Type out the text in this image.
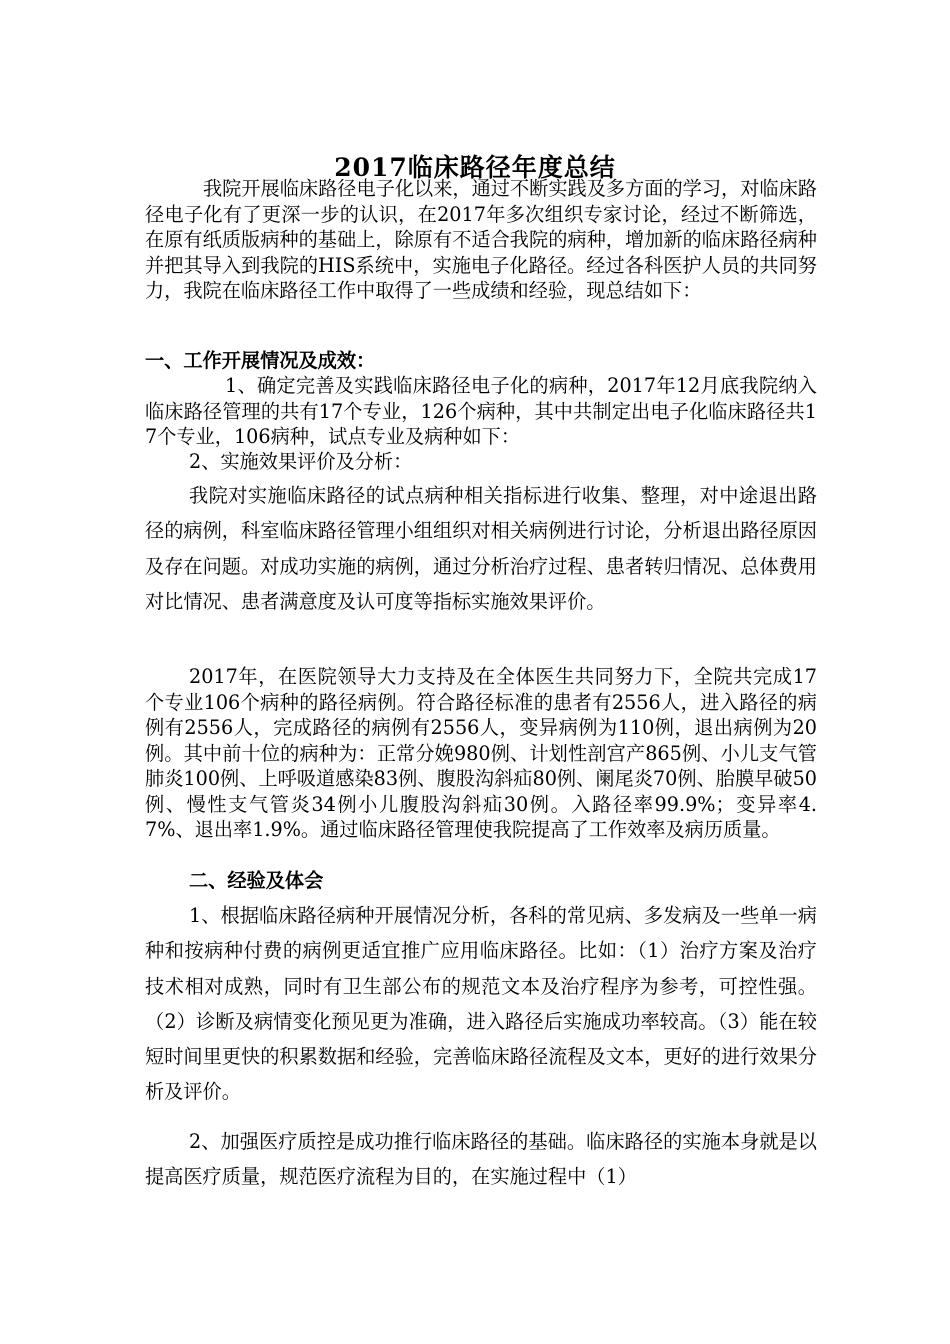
2017临床路径年度总结

我院开展临床路径电子化以来，通过不断实践及多方面的学习，对临床路径电子化有了更深一步的认识，在2017年多次组织专家讨论，经过不断筛选，在原有纸质版病种的基础上，除原有不适合我院的病种，增加新的临床路径病种并把其导入到我院的HIS系统中，实施电子化路径。经过各科医护人员的共同努力，我院在临床路径工作中取得了一些成绩和经验，现总结如下：

一、工作开展情况及成效：

1、确定完善及实践临床路径电子化的病种，2017年12月底我院纳入临床路径管理的共有17个专业，126个病种，其中共制定出电子化临床路径共17个专业，106病种，试点专业及病种如下：

2、实施效果评价及分析：

我院对实施临床路径的试点病种相关指标进行收集、整理，对中途退出路径的病例，科室临床路径管理小组组织对相关病例进行讨论，分析退出路径原因及存在问题。对成功实施的病例，通过分析治疗过程、患者转归情况、总体费用对比情况、患者满意度及认可度等指标实施效果评价。

2017年，在医院领导大力支持及在全体医生共同努力下，全院共完成17个专业106个病种的路径病例。符合路径标准的患者有2556人，进入路径的病例有2556人，完成路径的病例有2556人，变异病例为110例，退出病例为20例。其中前十位的病种为：正常分娩980例、计划性剖宫产865例、小儿支气管肺炎100例、上呼吸道感染83例、腹股沟斜疝80例、阑尾炎70例、胎膜早破50例、慢性支气管炎34例小儿腹股沟斜疝30例。入路径率99.9%；变异率4.7%、退出率1.9%。通过临床路径管理使我院提高了工作效率及病历质量。

二、经验及体会

1、根据临床路径病种开展情况分析，各科的常见病、多发病及一些单一病种和按病种付费的病例更适宜推广应用临床路径。比如：（1）治疗方案及治疗技术相对成熟，同时有卫生部公布的规范文本及治疗程序为参考，可控性强。（2）诊断及病情变化预见更为准确，进入路径后实施成功率较高。（3）能在较短时间里更快的积累数据和经验，完善临床路径流程及文本，更好的进行效果分析及评价。

2、加强医疗质控是成功推行临床路径的基础。临床路径的实施本身就是以提高医疗质量，规范医疗流程为目的，在实施过程中（1）
